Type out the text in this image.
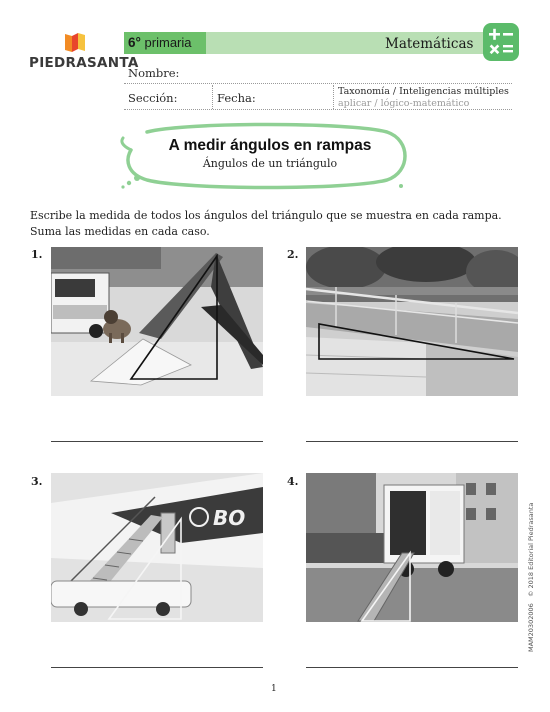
PIEDRASANTA
6° primaria	Matemáticas
Nombre:
Sección:	Fecha:	Taxonomía / Inteligencias múltiples
aplicar / lógico-matemático
A medir ángulos en rampas
Ángulos de un triángulo
Escribe la medida de todos los ángulos del triángulo que se muestra en cada rampa. Suma las medidas en cada caso.
1.	2.
3.
BO
4.
MAM20302006   © 2018 Editorial Piedrasanta
1
